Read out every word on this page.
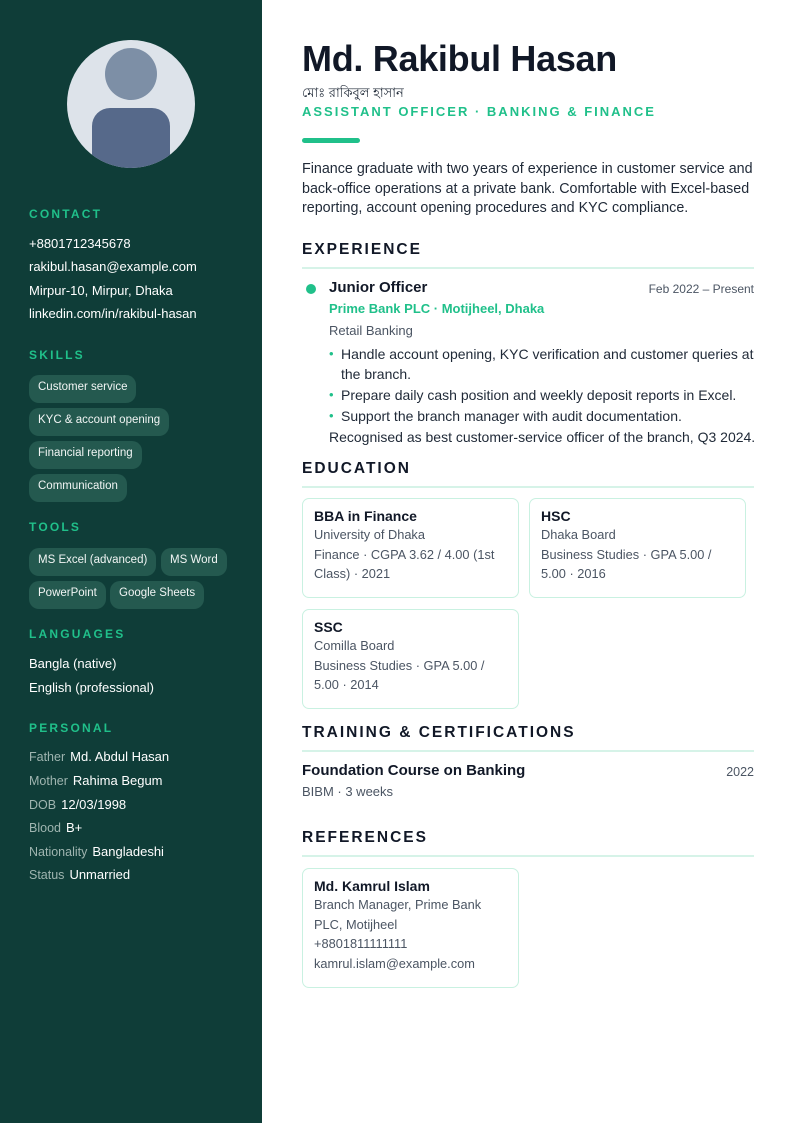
CONTACT
+8801712345678
rakibul.hasan@example.com
Mirpur-10, Mirpur, Dhaka
linkedin.com/in/rakibul-hasan
SKILLS
Customer service
KYC & account opening
Financial reporting
Communication
TOOLS
MS Excel (advanced)	MS Word
PowerPoint	Google Sheets
LANGUAGES
Bangla (native)
English (professional)
PERSONAL
Father Md. Abdul Hasan
Mother Rahima Begum
DOB 12/03/1998
Blood B+
Nationality Bangladeshi
Status Unmarried
Md. Rakibul Hasan
মোঃ রাকিবুল হাসান
ASSISTANT OFFICER · BANKING & FINANCE
Finance graduate with two years of experience in customer service and back-office operations at a private bank. Comfortable with Excel-based reporting, account opening procedures and KYC compliance.
EXPERIENCE
Junior Officer	Feb 2022 – Present
Prime Bank PLC · Motijheel, Dhaka
Retail Banking
• Handle account opening, KYC verification and customer queries at the branch.
• Prepare daily cash position and weekly deposit reports in Excel.
• Support the branch manager with audit documentation.
Recognised as best customer-service officer of the branch, Q3 2024.
EDUCATION
BBA in Finance
University of Dhaka
Finance · CGPA 3.62 / 4.00 (1st Class) · 2021
HSC
Dhaka Board
Business Studies · GPA 5.00 / 5.00 · 2016
SSC
Comilla Board
Business Studies · GPA 5.00 / 5.00 · 2014
TRAINING & CERTIFICATIONS
Foundation Course on Banking	2022
BIBM · 3 weeks
REFERENCES
Md. Kamrul Islam
Branch Manager, Prime Bank PLC, Motijheel
+8801811111111
kamrul.islam@example.com
